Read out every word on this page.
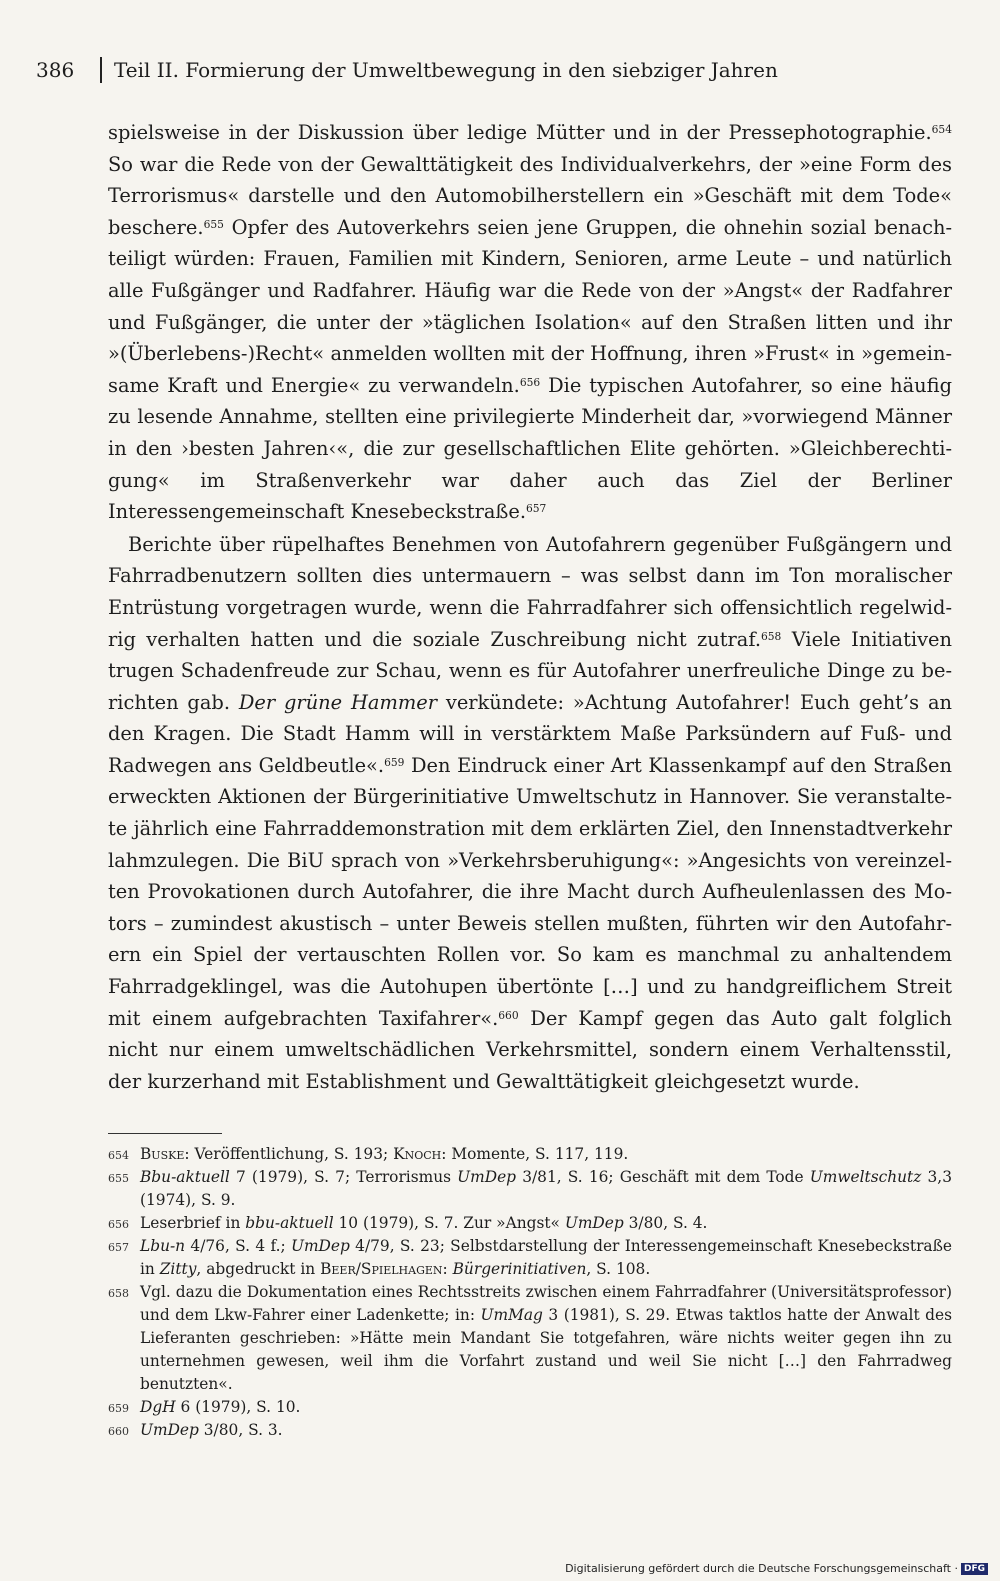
386 Teil II. Formierung der Umweltbewegung in den siebziger Jahren

spielsweise in der Diskussion über ledige Mütter und in der Pressephotographie.$^{654}$ So war die Rede von der Gewalttätigkeit des Individualverkehrs, der »eine Form des Terrorismus« darstelle und den Automobilherstellern ein »Geschäft mit dem Tode« beschere.$^{655}$ Opfer des Autoverkehrs seien jene Gruppen, die ohnehin sozial benachteiligt würden: Frauen, Familien mit Kindern, Senioren, arme Leute – und natürlich alle Fußgänger und Radfahrer. Häufig war die Rede von der »Angst« der Radfahrer und Fußgänger, die unter der »täglichen Isolation« auf den Straßen litten und ihr »(Überlebens-)Recht« anmelden wollten mit der Hoffnung, ihren »Frust« in »gemeinsame Kraft und Energie« zu verwandeln.$^{656}$ Die typischen Autofahrer, so eine häufig zu lesende Annahme, stellten eine privilegierte Minderheit dar, »vorwiegend Männer in den ›besten Jahren‹«, die zur gesellschaftlichen Elite gehörten. »Gleichberechtigung« im Straßenverkehr war daher auch das Ziel der Berliner Interessengemeinschaft Knesebeckstraße.$^{657}$

Berichte über rüpelhaftes Benehmen von Autofahrern gegenüber Fußgängern und Fahrradbenutzern sollten dies untermauern – was selbst dann im Ton moralischer Entrüstung vorgetragen wurde, wenn die Fahrradfahrer sich offensichtlich regelwidrig verhalten hatten und die soziale Zuschreibung nicht zutraf.$^{658}$ Viele Initiativen trugen Schadenfreude zur Schau, wenn es für Autofahrer unerfreuliche Dinge zu berichten gab. Der grüne Hammer verkündete: »Achtung Autofahrer! Euch geht’s an den Kragen. Die Stadt Hamm will in verstärktem Maße Parksündern auf Fuß- und Radwegen ans Geldbeutle«.$^{659}$ Den Eindruck einer Art Klassenkampf auf den Straßen erweckten Aktionen der Bürgerinitiative Umweltschutz in Hannover. Sie veranstaltete jährlich eine Fahrraddemonstration mit dem erklärten Ziel, den Innenstadtverkehr lahmzulegen. Die BiU sprach von »Verkehrsberuhigung«: »Angesichts von vereinzelten Provokationen durch Autofahrer, die ihre Macht durch Aufheulenlassen des Motors – zumindest akustisch – unter Beweis stellen mußten, führten wir den Autofahrern ein Spiel der vertauschten Rollen vor. So kam es manchmal zu anhaltendem Fahrradgeklingel, was die Autohupen übertönte […] und zu handgreiflichem Streit mit einem aufgebrachten Taxifahrer«.$^{660}$ Der Kampf gegen das Auto galt folglich nicht nur einem umweltschädlichen Verkehrsmittel, sondern einem Verhaltensstil, der kurzerhand mit Establishment und Gewalttätigkeit gleichgesetzt wurde.

654 Buske: Veröffentlichung, S. 193; Knoch: Momente, S. 117, 119.

655 Bbu-aktuell 7 (1979), S. 7; Terrorismus UmDep 3/81, S. 16; Geschäft mit dem Tode Umweltschutz 3,3 (1974), S. 9.

656 Leserbrief in bbu-aktuell 10 (1979), S. 7. Zur »Angst« UmDep 3/80, S. 4.

657 Lbu-n 4/76, S. 4 f.; UmDep 4/79, S. 23; Selbstdarstellung der Interessengemeinschaft Knesebeckstraße in Zitty, abgedruckt in Beer/Spielhagen: Bürgerinitiativen, S. 108.

658 Vgl. dazu die Dokumentation eines Rechtsstreits zwischen einem Fahrradfahrer (Universitätsprofessor) und dem Lkw-Fahrer einer Ladenkette; in: UmMag 3 (1981), S. 29. Etwas taktlos hatte der Anwalt des Lieferanten geschrieben: »Hätte mein Mandant Sie totgefahren, wäre nichts weiter gegen ihn zu unternehmen gewesen, weil ihm die Vorfahrt zustand und weil Sie nicht […] den Fahrradweg benutzten«.

659 DgH 6 (1979), S. 10.

660 UmDep 3/80, S. 3.

Digitalisierung gefördert durch die Deutsche Forschungsgemeinschaft · DFG
